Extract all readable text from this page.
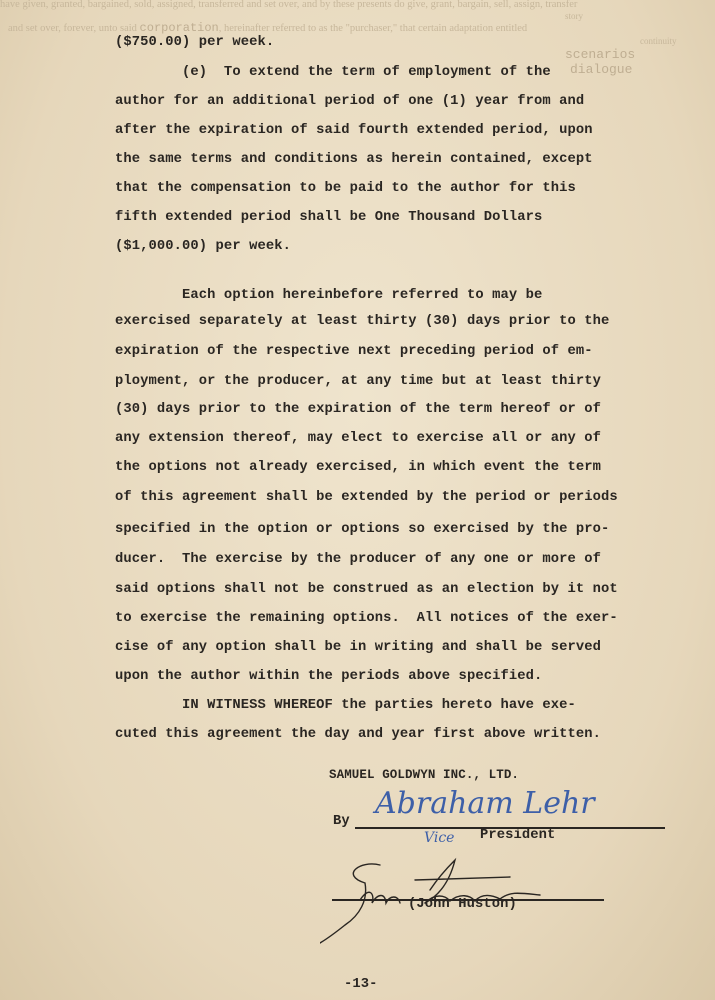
have given, granted, bargained, sold, assigned, transferred and set over, and by these presents do give, grant, bargain, sell, assign, transfer
and set over, forever, unto said corporation, hereinafter referred to as the "purchaser," that certain adaptation entitled
story
continuity
scenarios
dialogue
($750.00) per week.
(e)  To extend the term of employment of the
author for an additional period of one (1) year from and
after the expiration of said fourth extended period, upon
the same terms and conditions as herein contained, except
that the compensation to be paid to the author for this
fifth extended period shall be One Thousand Dollars
($1,000.00) per week.
Each option hereinbefore referred to may be
exercised separately at least thirty (30) days prior to the
expiration of the respective next preceding period of em-
ployment, or the producer, at any time but at least thirty
(30) days prior to the expiration of the term hereof or of
any extension thereof, may elect to exercise all or any of
the options not already exercised, in which event the term
of this agreement shall be extended by the period or periods
specified in the option or options so exercised by the pro-
ducer.  The exercise by the producer of any one or more of
said options shall not be construed as an election by it not
to exercise the remaining options.  All notices of the exer-
cise of any option shall be in writing and shall be served
upon the author within the periods above specified.
IN WITNESS WHEREOF the parties hereto have exe-
cuted this agreement the day and year first above written.
SAMUEL GOLDWYN INC., LTD.
By
Abraham Lehr
Vice President
(John Huston)
-13-
